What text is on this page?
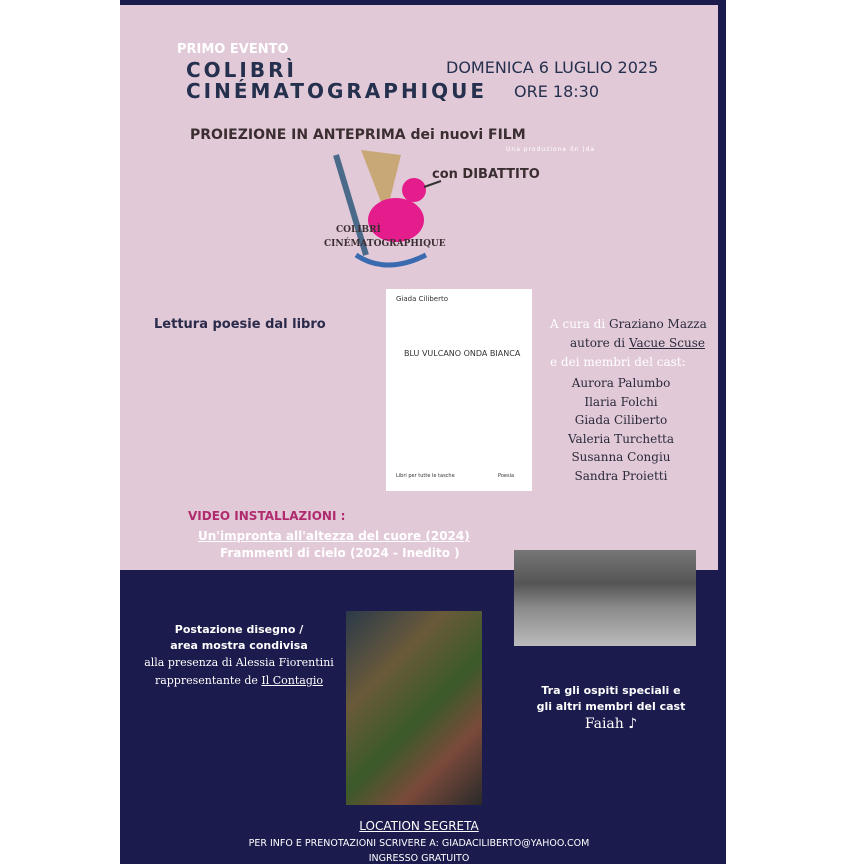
PRIMO EVENTO
COLIBRÌ
CINÉMATOGRAPHIQUE
DOMENICA 6 LUGLIO 2025
ORE 18:30
PROIEZIONE IN ANTEPRIMA dei nuovi FILM
Una produzione ön |da
con DIBATTITO
COLIBRÌ
CINÉMATOGRAPHIQUE
Lettura poesie dal libro
Giada Ciliberto
BLU VULCANO ONDA BIANCA
Libri per tutte le tasche	Poesia
A cura di Graziano Mazza
autore di Vacue Scuse
e dei membri del cast:
Aurora Palumbo
Ilaria Folchi
Giada Ciliberto
Valeria Turchetta
Susanna Congiu
Sandra Proietti
VIDEO INSTALLAZIONI :
Un'impronta all'altezza del cuore (2024)
Frammenti di cielo (2024 - Inedito )
Postazione disegno /
area mostra condivisa
alla presenza di Alessia Fiorentini
rappresentante de Il Contagio
Tra gli ospiti speciali e
gli altri membri del cast
Faiah ♪
LOCATION SEGRETA
PER INFO E PRENOTAZIONI SCRIVERE A: GIADACILIBERTO@YAHOO.COM
INGRESSO GRATUITO
